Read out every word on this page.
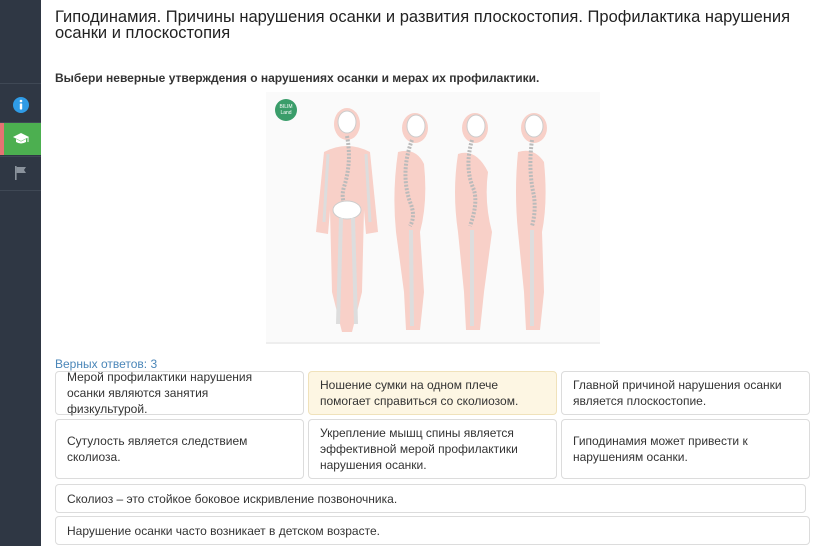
Гиподинамия. Причины нарушения осанки и развития плоскостопия. Профилактика нарушения осанки и плоскостопия
Выбери неверные утверждения о нарушениях осанки и мерах их профилактики.
BILIM
Land
Верных ответов: 3
Мерой профилактики нарушения осанки являются занятия физкультурой.
Ношение сумки на одном плече помогает справиться со сколиозом.
Главной причиной нарушения осанки является плоскостопие.
Сутулость является следствием сколиоза.
Укрепление мышц спины является эффективной мерой профилактики нарушения осанки.
Гиподинамия может привести к нарушениям осанки.
Сколиоз – это стойкое боковое искривление позвоночника.
Нарушение осанки часто возникает в детском возрасте.
